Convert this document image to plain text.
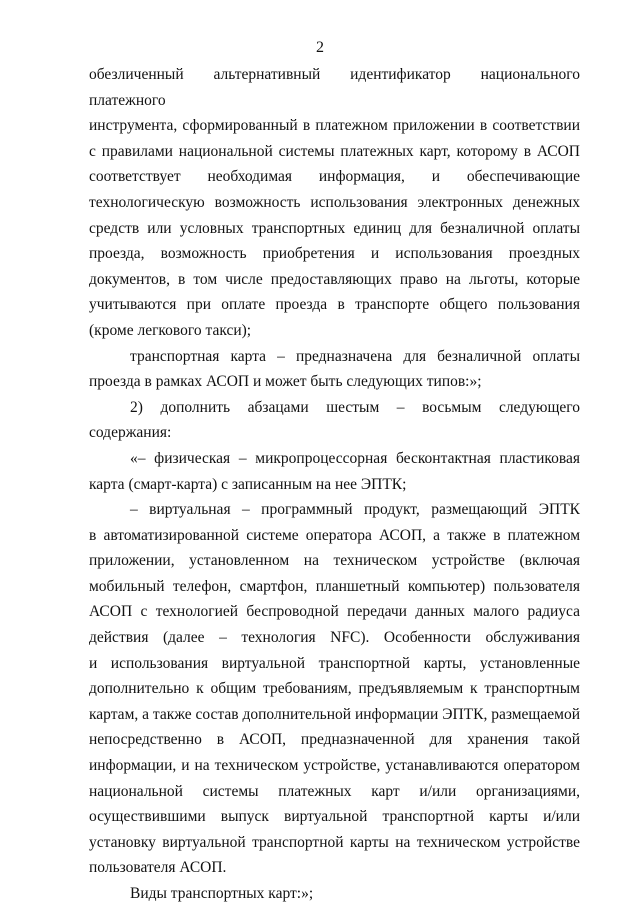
2

обезличенный альтернативный идентификатор национального платежного

инструмента, сформированный в платежном приложении в соответствии

с правилами национальной системы платежных карт, которому в АСОП

соответствует необходимая информация, и обеспечивающие

технологическую возможность использования электронных денежных

средств или условных транспортных единиц для безналичной оплаты

проезда, возможность приобретения и использования проездных

документов, в том числе предоставляющих право на льготы, которые

учитываются при оплате проезда в транспорте общего пользования

(кроме легкового такси);

транспортная карта – предназначена для безналичной оплаты

проезда в рамках АСОП и может быть следующих типов:»;

2) дополнить абзацами шестым – восьмым следующего содержания:

«– физическая – микропроцессорная бесконтактная пластиковая

карта (смарт-карта) с записанным на нее ЭПТК;

– виртуальная – программный продукт, размещающий ЭПТК

в автоматизированной системе оператора АСОП, а также в платежном

приложении, установленном на техническом устройстве (включая

мобильный телефон, смартфон, планшетный компьютер) пользователя

АСОП с технологией беспроводной передачи данных малого радиуса

действия (далее – технология NFC). Особенности обслуживания

и использования виртуальной транспортной карты, установленные

дополнительно к общим требованиям, предъявляемым к транспортным

картам, а также состав дополнительной информации ЭПТК, размещаемой

непосредственно в АСОП, предназначенной для хранения такой

информации, и на техническом устройстве, устанавливаются оператором

национальной системы платежных карт и/или организациями,

осуществившими выпуск виртуальной транспортной карты и/или

установку виртуальной транспортной карты на техническом устройстве

пользователя АСОП.

Виды транспортных карт:»;
